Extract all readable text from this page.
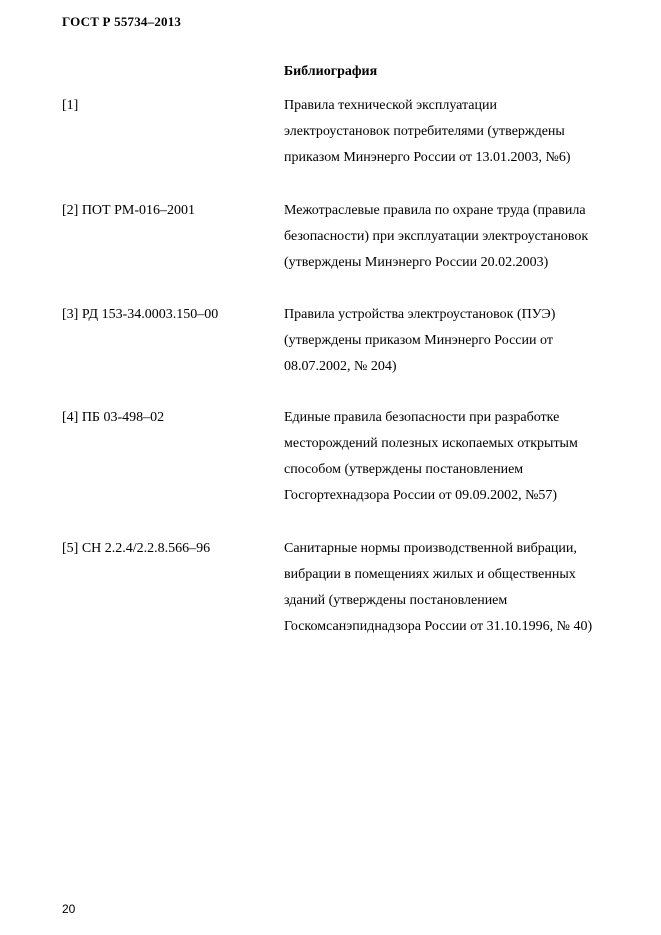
ГОСТ Р 55734–2013
Библиография
[1]	Правила технической эксплуатации
электроустановок потребителями (утверждены
приказом Минэнерго России от 13.01.2003, №6)
[2] ПОТ РМ-016–2001	Межотраслевые правила по охране труда (правила
безопасности) при эксплуатации электроустановок
(утверждены Минэнерго России 20.02.2003)
[3] РД 153-34.0003.150–00	Правила устройства электроустановок (ПУЭ)
(утверждены приказом Минэнерго России от
08.07.2002, № 204)
[4] ПБ 03-498–02	Единые правила безопасности при разработке
месторождений полезных ископаемых открытым
способом (утверждены постановлением
Госгортехнадзора России от 09.09.2002, №57)
[5] СН 2.2.4/2.2.8.566–96	Санитарные нормы производственной вибрации,
вибрации в помещениях жилых и общественных
зданий (утверждены постановлением
Госкомсанэпиднадзора России от 31.10.1996, № 40)
20
